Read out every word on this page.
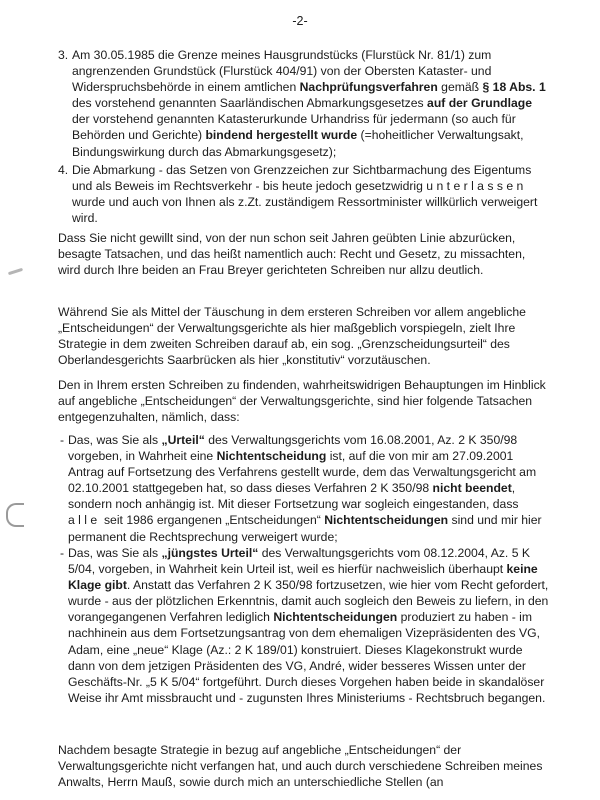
-2-
3. Am 30.05.1985 die Grenze meines Hausgrundstücks (Flurstück Nr. 81/1) zum angrenzenden Grundstück (Flurstück 404/91) von der Obersten Kataster- und Widerspruchsbehörde in einem amtlichen Nachprüfungsverfahren gemäß § 18 Abs. 1 des vorstehend genannten Saarländischen Abmarkungsgesetzes auf der Grundlage der vorstehend genannten Katasterurkunde Urhandriss für jedermann (so auch für Behörden und Gerichte) bindend hergestellt wurde (=hoheitlicher Verwaltungsakt, Bindungswirkung durch das Abmarkungsgesetz);

4. Die Abmarkung - das Setzen von Grenzzeichen zur Sichtbarmachung des Eigentums und als Beweis im Rechtsverkehr - bis heute jedoch gesetzwidrig unterlassen wurde und auch von Ihnen als z.Zt. zuständigem Ressortminister willkürlich verweigert wird.

Dass Sie nicht gewillt sind, von der nun schon seit Jahren geübten Linie abzurücken, besagte Tatsachen, und das heißt namentlich auch: Recht und Gesetz, zu missachten, wird durch Ihre beiden an Frau Breyer gerichteten Schreiben nur allzu deutlich.

Während Sie als Mittel der Täuschung in dem ersteren Schreiben vor allem angebliche „Entscheidungen“ der Verwaltungsgerichte als hier maßgeblich vorspiegeln, zielt Ihre Strategie in dem zweiten Schreiben darauf ab, ein sog. „Grenzscheidungsurteil“ des Oberlandesgerichts Saarbrücken als hier „konstitutiv“ vorzutäuschen.

Den in Ihrem ersten Schreiben zu findenden, wahrheitswidrigen Behauptungen im Hinblick auf angebliche „Entscheidungen“ der Verwaltungsgerichte, sind hier folgende Tatsachen entgegenzuhalten, nämlich, dass:

- Das, was Sie als „Urteil“ des Verwaltungsgerichts vom 16.08.2001, Az. 2 K 350/98 vorgeben, in Wahrheit eine Nichtentscheidung ist, auf die von mir am 27.09.2001 Antrag auf Fortsetzung des Verfahrens gestellt wurde, dem das Verwaltungsgericht am 02.10.2001 stattgegeben hat, so dass dieses Verfahren 2 K 350/98 nicht beendet, sondern noch anhängig ist. Mit dieser Fortsetzung war sogleich eingestanden, dass alle seit 1986 ergangenen „Entscheidungen“ Nichtentscheidungen sind und mir hier permanent die Rechtsprechung verweigert wurde;

- Das, was Sie als „jüngstes Urteil“ des Verwaltungsgerichts vom 08.12.2004, Az. 5 K 5/04, vorgeben, in Wahrheit kein Urteil ist, weil es hierfür nachweislich überhaupt keine Klage gibt. Anstatt das Verfahren 2 K 350/98 fortzusetzen, wie hier vom Recht gefordert, wurde - aus der plötzlichen Erkenntnis, damit auch sogleich den Beweis zu liefern, in den vorangegangenen Verfahren lediglich Nichtentscheidungen produziert zu haben - im nachhinein aus dem Fortsetzungsantrag von dem ehemaligen Vizepräsidenten des VG, Adam, eine „neue“ Klage (Az.: 2 K 189/01) konstruiert. Dieses Klagekonstrukt wurde dann von dem jetzigen Präsidenten des VG, André, wider besseres Wissen unter der Geschäfts-Nr. „5 K 5/04“ fortgeführt. Durch dieses Vorgehen haben beide in skandalöser Weise ihr Amt missbraucht und - zugunsten Ihres Ministeriums - Rechtsbruch begangen.

Nachdem besagte Strategie in bezug auf angebliche „Entscheidungen“ der Verwaltungsgerichte nicht verfangen hat, und auch durch verschiedene Schreiben meines Anwalts, Herrn Mauß, sowie durch mich an unterschiedliche Stellen (an
